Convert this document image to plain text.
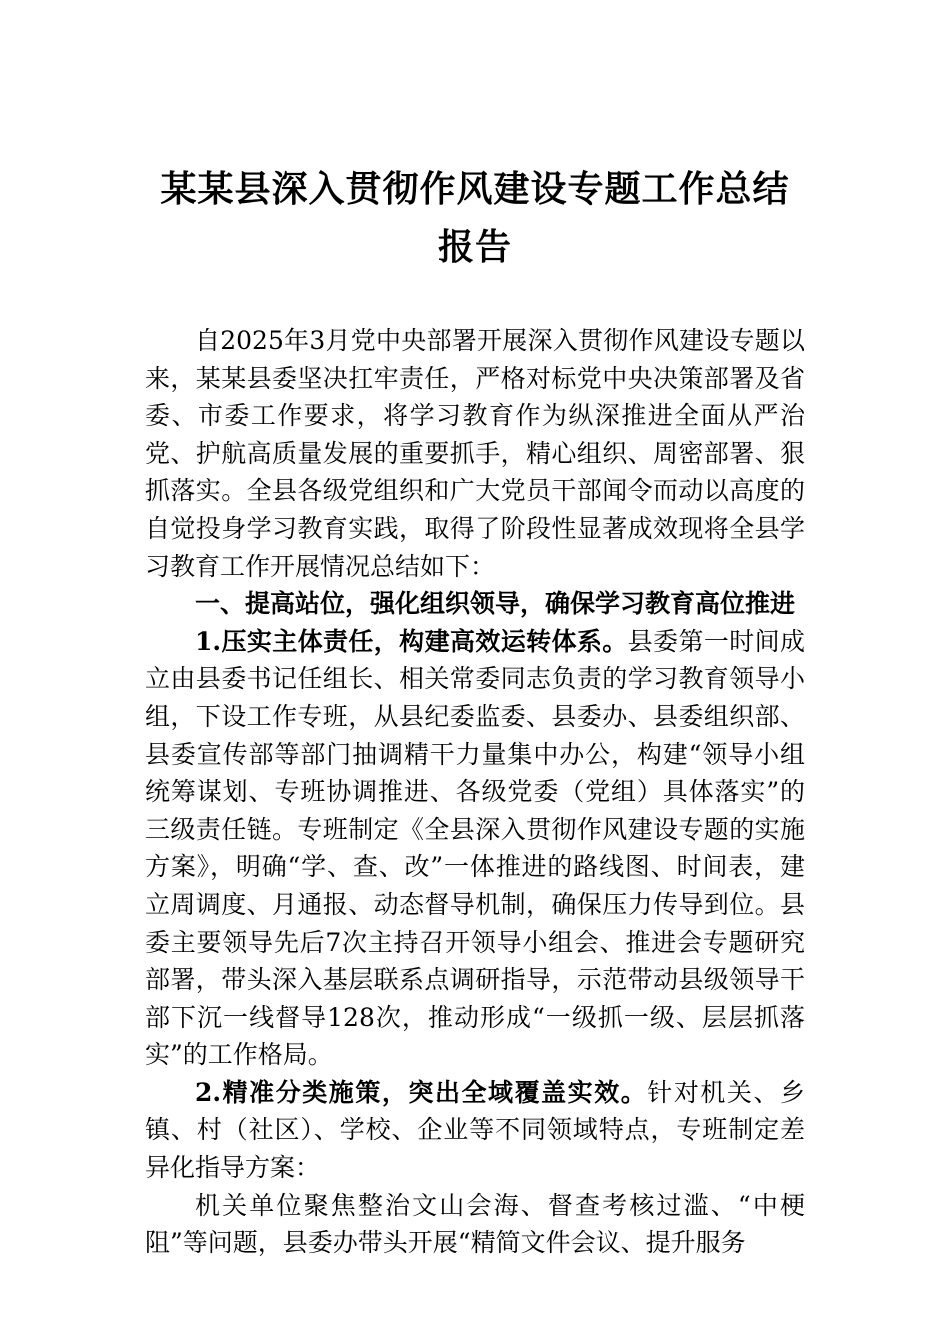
某某县深入贯彻作风建设专题工作总结报告

自2025年3月党中央部署开展深入贯彻作风建设专题以来，某某县委坚决扛牢责任，严格对标党中央决策部署及省委、市委工作要求，将学习教育作为纵深推进全面从严治党、护航高质量发展的重要抓手，精心组织、周密部署、狠抓落实。全县各级党组织和广大党员干部闻令而动以高度的自觉投身学习教育实践，取得了阶段性显著成效现将全县学习教育工作开展情况总结如下：

一、提高站位，强化组织领导，确保学习教育高位推进

1.压实主体责任，构建高效运转体系。县委第一时间成立由县委书记任组长、相关常委同志负责的学习教育领导小组，下设工作专班，从县纪委监委、县委办、县委组织部、县委宣传部等部门抽调精干力量集中办公，构建“领导小组统筹谋划、专班协调推进、各级党委（党组）具体落实”的三级责任链。专班制定《全县深入贯彻作风建设专题的实施方案》，明确“学、查、改”一体推进的路线图、时间表，建立周调度、月通报、动态督导机制，确保压力传导到位。县委主要领导先后7次主持召开领导小组会、推进会专题研究部署，带头深入基层联系点调研指导，示范带动县级领导干部下沉一线督导128次，推动形成“一级抓一级、层层抓落实”的工作格局。

2.精准分类施策，突出全域覆盖实效。针对机关、乡镇、村（社区）、学校、企业等不同领域特点，专班制定差异化指导方案：

机关单位聚焦整治文山会海、督查考核过滥、“中梗阻”等问题，县委办带头开展“精简文件会议、提升服务
